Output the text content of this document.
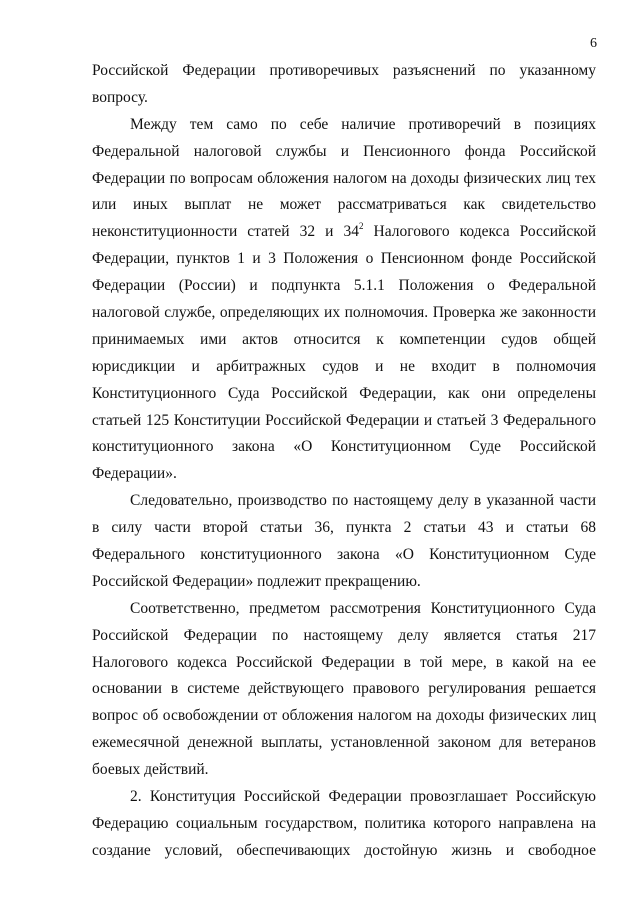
6
Российской Федерации противоречивых разъяснений по указанному
вопросу.
Между тем само по себе наличие противоречий в позициях
Федеральной налоговой службы и Пенсионного фонда Российской
Федерации по вопросам обложения налогом на доходы физических лиц тех
или иных выплат не может рассматриваться как свидетельство
неконституционности статей 32 и $34^2$ Налогового кодекса Российской
Федерации, пунктов 1 и 3 Положения о Пенсионном фонде Российской
Федерации (России) и подпункта 5.1.1 Положения о Федеральной
налоговой службе, определяющих их полномочия. Проверка же законности
принимаемых ими актов относится к компетенции судов общей
юрисдикции и арбитражных судов и не входит в полномочия
Конституционного Суда Российской Федерации, как они определены
статьей 125 Конституции Российской Федерации и статьей 3 Федерального
конституционного закона «О Конституционном Суде Российской
Федерации».
Следовательно, производство по настоящему делу в указанной части
в силу части второй статьи 36, пункта 2 статьи 43 и статьи 68
Федерального конституционного закона «О Конституционном Суде
Российской Федерации» подлежит прекращению.
Соответственно, предметом рассмотрения Конституционного Суда
Российской Федерации по настоящему делу является статья 217
Налогового кодекса Российской Федерации в той мере, в какой на ее
основании в системе действующего правового регулирования решается
вопрос об освобождении от обложения налогом на доходы физических лиц
ежемесячной денежной выплаты, установленной законом для ветеранов
боевых действий.
2. Конституция Российской Федерации провозглашает Российскую
Федерацию социальным государством, политика которого направлена на
создание условий, обеспечивающих достойную жизнь и свободное
